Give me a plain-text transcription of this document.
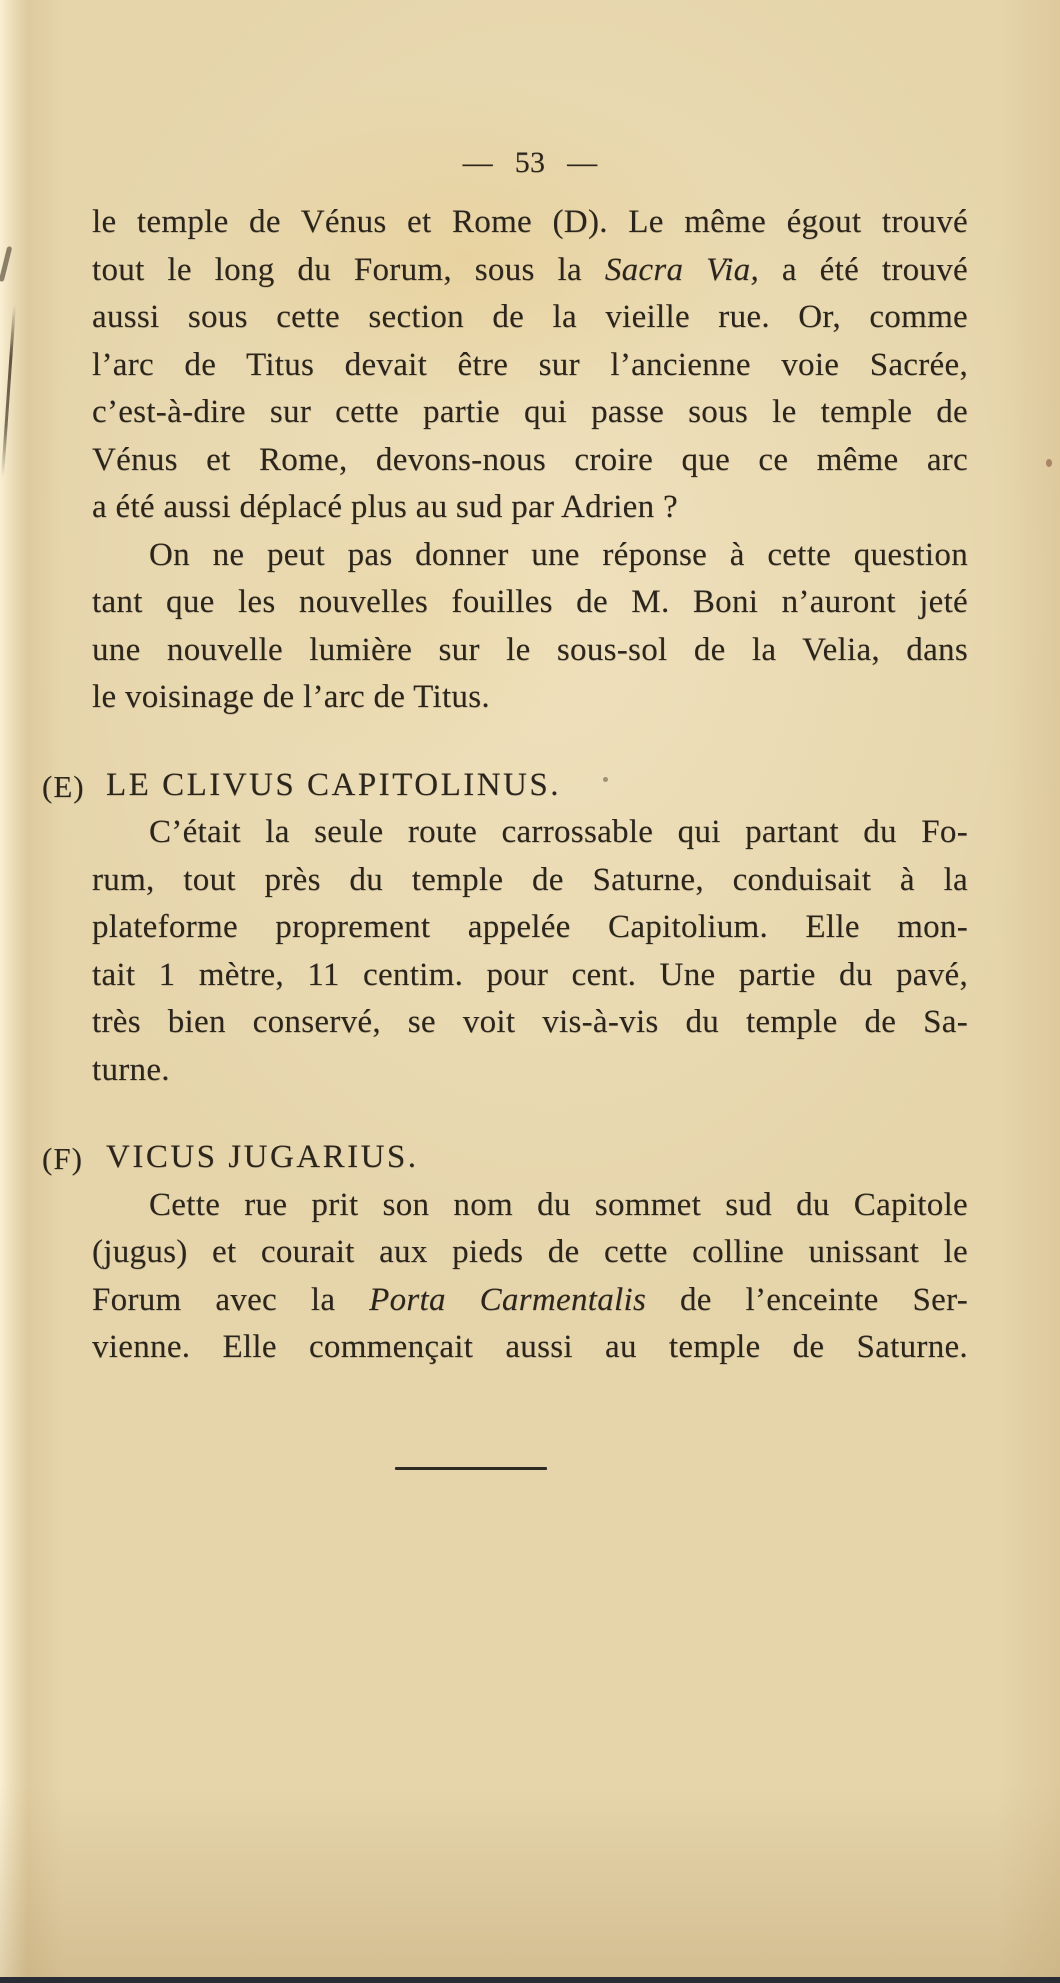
— 53 —
le temple de Vénus et Rome (D). Le même égout trouvé
tout le long du Forum, sous la Sacra Via, a été trouvé
aussi sous cette section de la vieille rue. Or, comme
l’arc de Titus devait être sur l’ancienne voie Sacrée,
c’est-à-dire sur cette partie qui passe sous le temple de
Vénus et Rome, devons-nous croire que ce même arc
a été aussi déplacé plus au sud par Adrien ?
On ne peut pas donner une réponse à cette question
tant que les nouvelles fouilles de M. Boni n’auront jeté
une nouvelle lumière sur le sous-sol de la Velia, dans
le voisinage de l’arc de Titus.
(E) LE CLIVUS CAPITOLINUS.
C’était la seule route carrossable qui partant du Fo-
rum, tout près du temple de Saturne, conduisait à la
plateforme proprement appelée Capitolium. Elle mon-
tait 1 mètre, 11 centim. pour cent. Une partie du pavé,
très bien conservé, se voit vis-à-vis du temple de Sa-
turne.
(F) VICUS JUGARIUS.
Cette rue prit son nom du sommet sud du Capitole
(jugus) et courait aux pieds de cette colline unissant le
Forum avec la Porta Carmentalis de l’enceinte Ser-
vienne. Elle commençait aussi au temple de Saturne.
